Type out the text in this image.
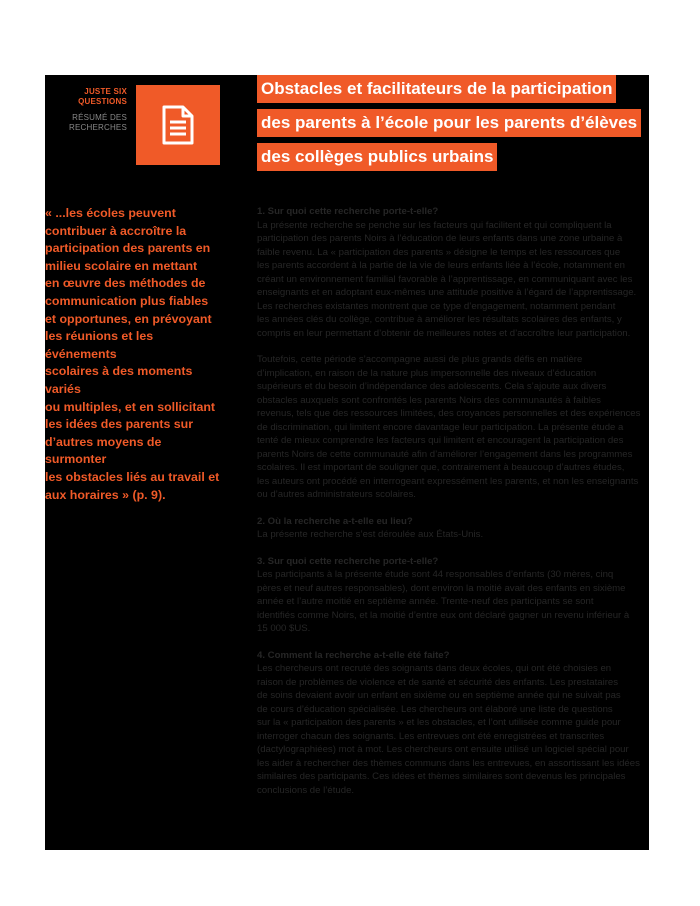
JUSTE SIX
QUESTIONS
RÉSUMÉ DES
RECHERCHES
Obstacles et facilitateurs de la participation
des parents à l’école pour les parents d’élèves
des collèges publics urbains
« ...les écoles peuvent
contribuer à accroître la
participation des parents en
milieu scolaire en mettant
en œuvre des méthodes de
communication plus fiables
et opportunes, en prévoyant
les réunions et les événements
scolaires à des moments variés
ou multiples, et en sollicitant
les idées des parents sur
d’autres moyens de surmonter
les obstacles liés au travail et
aux horaires » (p. 9).

1. Sur quoi cette recherche porte-t-elle?

La présente recherche se penche sur les facteurs qui facilitent et qui compliquent la
participation des parents Noirs à l’éducation de leurs enfants dans une zone urbaine à
faible revenu. La « participation des parents » désigne le temps et les ressources que
les parents accordent à la partie de la vie de leurs enfants liée à l’école, notamment en
créant un environnement familial favorable à l’apprentissage, en communiquant avec les
enseignants et en adoptant eux-mêmes une attitude positive à l’égard de l’apprentissage.
Les recherches existantes montrent que ce type d’engagement, notamment pendant
les années clés du collège, contribue à améliorer les résultats scolaires des enfants, y
compris en leur permettant d’obtenir de meilleures notes et d’accroître leur participation.
Toutefois, cette période s’accompagne aussi de plus grands défis en matière
d’implication, en raison de la nature plus impersonnelle des niveaux d’éducation
supérieurs et du besoin d’indépendance des adolescents. Cela s’ajoute aux divers
obstacles auxquels sont confrontés les parents Noirs des communautés à faibles
revenus, tels que des ressources limitées, des croyances personnelles et des expériences
de discrimination, qui limitent encore davantage leur participation. La présente étude a
tenté de mieux comprendre les facteurs qui limitent et encouragent la participation des
parents Noirs de cette communauté afin d’améliorer l’engagement dans les programmes
scolaires. Il est important de souligner que, contrairement à beaucoup d’autres études,
les auteurs ont procédé en interrogeant expressément les parents, et non les enseignants
ou d’autres administrateurs scolaires.

2. Où la recherche a-t-elle eu lieu?

La présente recherche s’est déroulée aux États-Unis.

3. Sur quoi cette recherche porte-t-elle?

Les participants à la présente étude sont 44 responsables d’enfants (30 mères, cinq
pères et neuf autres responsables), dont environ la moitié avait des enfants en sixième
année et l’autre moitié en septième année. Trente-neuf des participants se sont
identifiés comme Noirs, et la moitié d’entre eux ont déclaré gagner un revenu inférieur à
15 000 $US.

4. Comment la recherche a-t-elle été faite?

Les chercheurs ont recruté des soignants dans deux écoles, qui ont été choisies en
raison de problèmes de violence et de santé et sécurité des enfants. Les prestataires
de soins devaient avoir un enfant en sixième ou en septième année qui ne suivait pas
de cours d’éducation spécialisée. Les chercheurs ont élaboré une liste de questions
sur la « participation des parents » et les obstacles, et l’ont utilisée comme guide pour
interroger chacun des soignants. Les entrevues ont été enregistrées et transcrites
(dactylographiées) mot à mot. Les chercheurs ont ensuite utilisé un logiciel spécial pour
les aider à rechercher des thèmes communs dans les entrevues, en assortissant les idées
similaires des participants. Ces idées et thèmes similaires sont devenus les principales
conclusions de l’étude.
